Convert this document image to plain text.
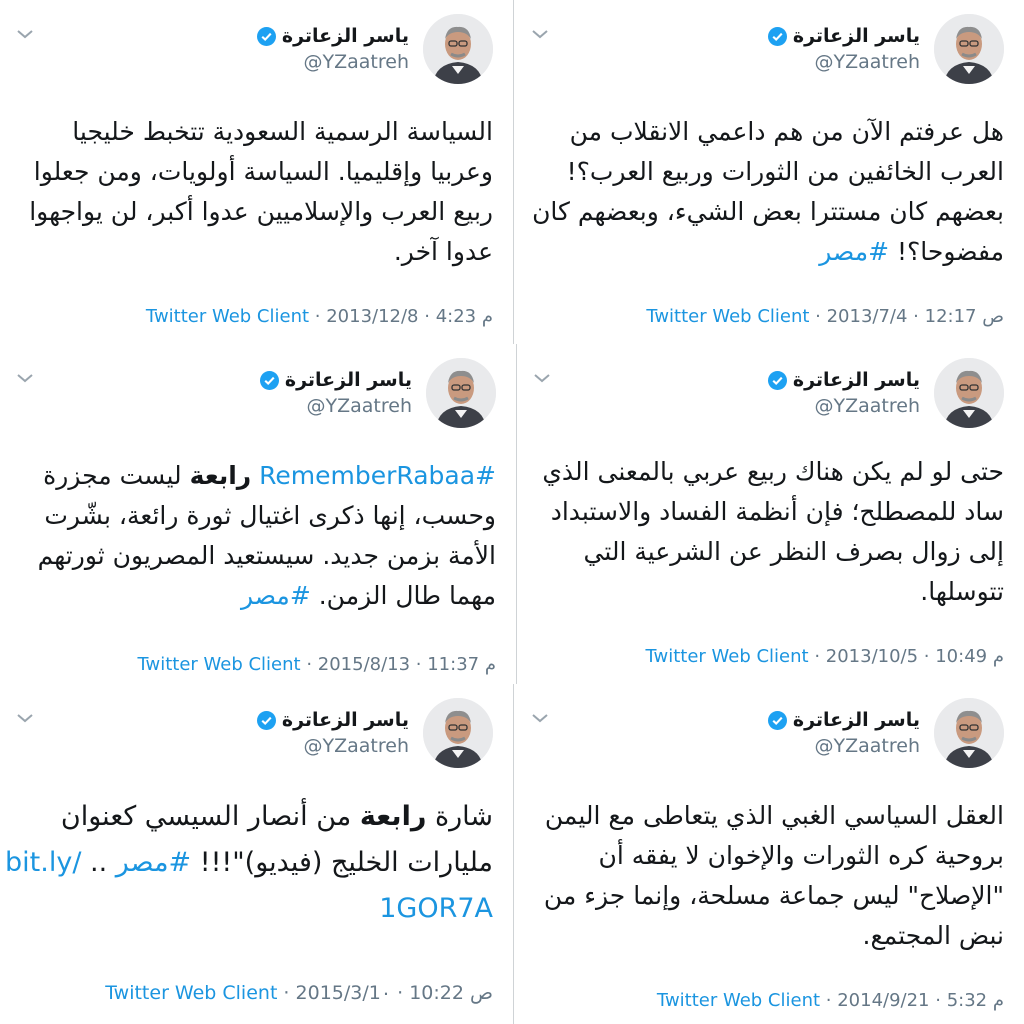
ياسر الزعاترة
@YZaatreh
هل عرفتم الآن من هم داعمي الانقلاب من العرب الخائفين من الثورات وربيع العرب؟! بعضهم كان مستترا بعض الشيء، وبعضهم كان مفضوحا؟! #مصر
Twitter Web Client ·	ص 12:17 · 2013/7/4
ياسر الزعاترة
@YZaatreh
السياسة الرسمية السعودية تتخبط خليجيا وعربيا وإقليميا. السياسة أولويات، ومن جعلوا ربيع العرب والإسلاميين عدوا أكبر، لن يواجهوا عدوا آخر.
Twitter Web Client ·	م 4:23 · 2013/12/8
ياسر الزعاترة
@YZaatreh
حتى لو لم يكن هناك ربيع عربي بالمعنى الذي ساد للمصطلح؛ فإن أنظمة الفساد والاستبداد إلى زوال بصرف النظر عن الشرعية التي تتوسلها.
Twitter Web Client ·	م 10:49 · 2013/10/5
ياسر الزعاترة
@YZaatreh
#RememberRabaa رابعة ليست مجزرة وحسب، إنها ذكرى اغتيال ثورة رائعة، بشّرت الأمة بزمن جديد. سيستعيد المصريون ثورتهم مهما طال الزمن. #مصر
Twitter Web Client ·	م 11:37 · 2015/8/13
ياسر الزعاترة
@YZaatreh
العقل السياسي الغبي الذي يتعاطى مع اليمن بروحية كره الثورات والإخوان لا يفقه أن "الإصلاح" ليس جماعة مسلحة، وإنما جزء من نبض المجتمع.
Twitter Web Client ·	م 5:32 · 2014/9/21
ياسر الزعاترة
@YZaatreh
شارة رابعة من أنصار السيسي كعنوان مليارات الخليج (فيديو)"!!! #مصر .. bit.ly/
1GOR7A
Twitter Web Client ·	ص 10:22 · 2015/3/1٠
